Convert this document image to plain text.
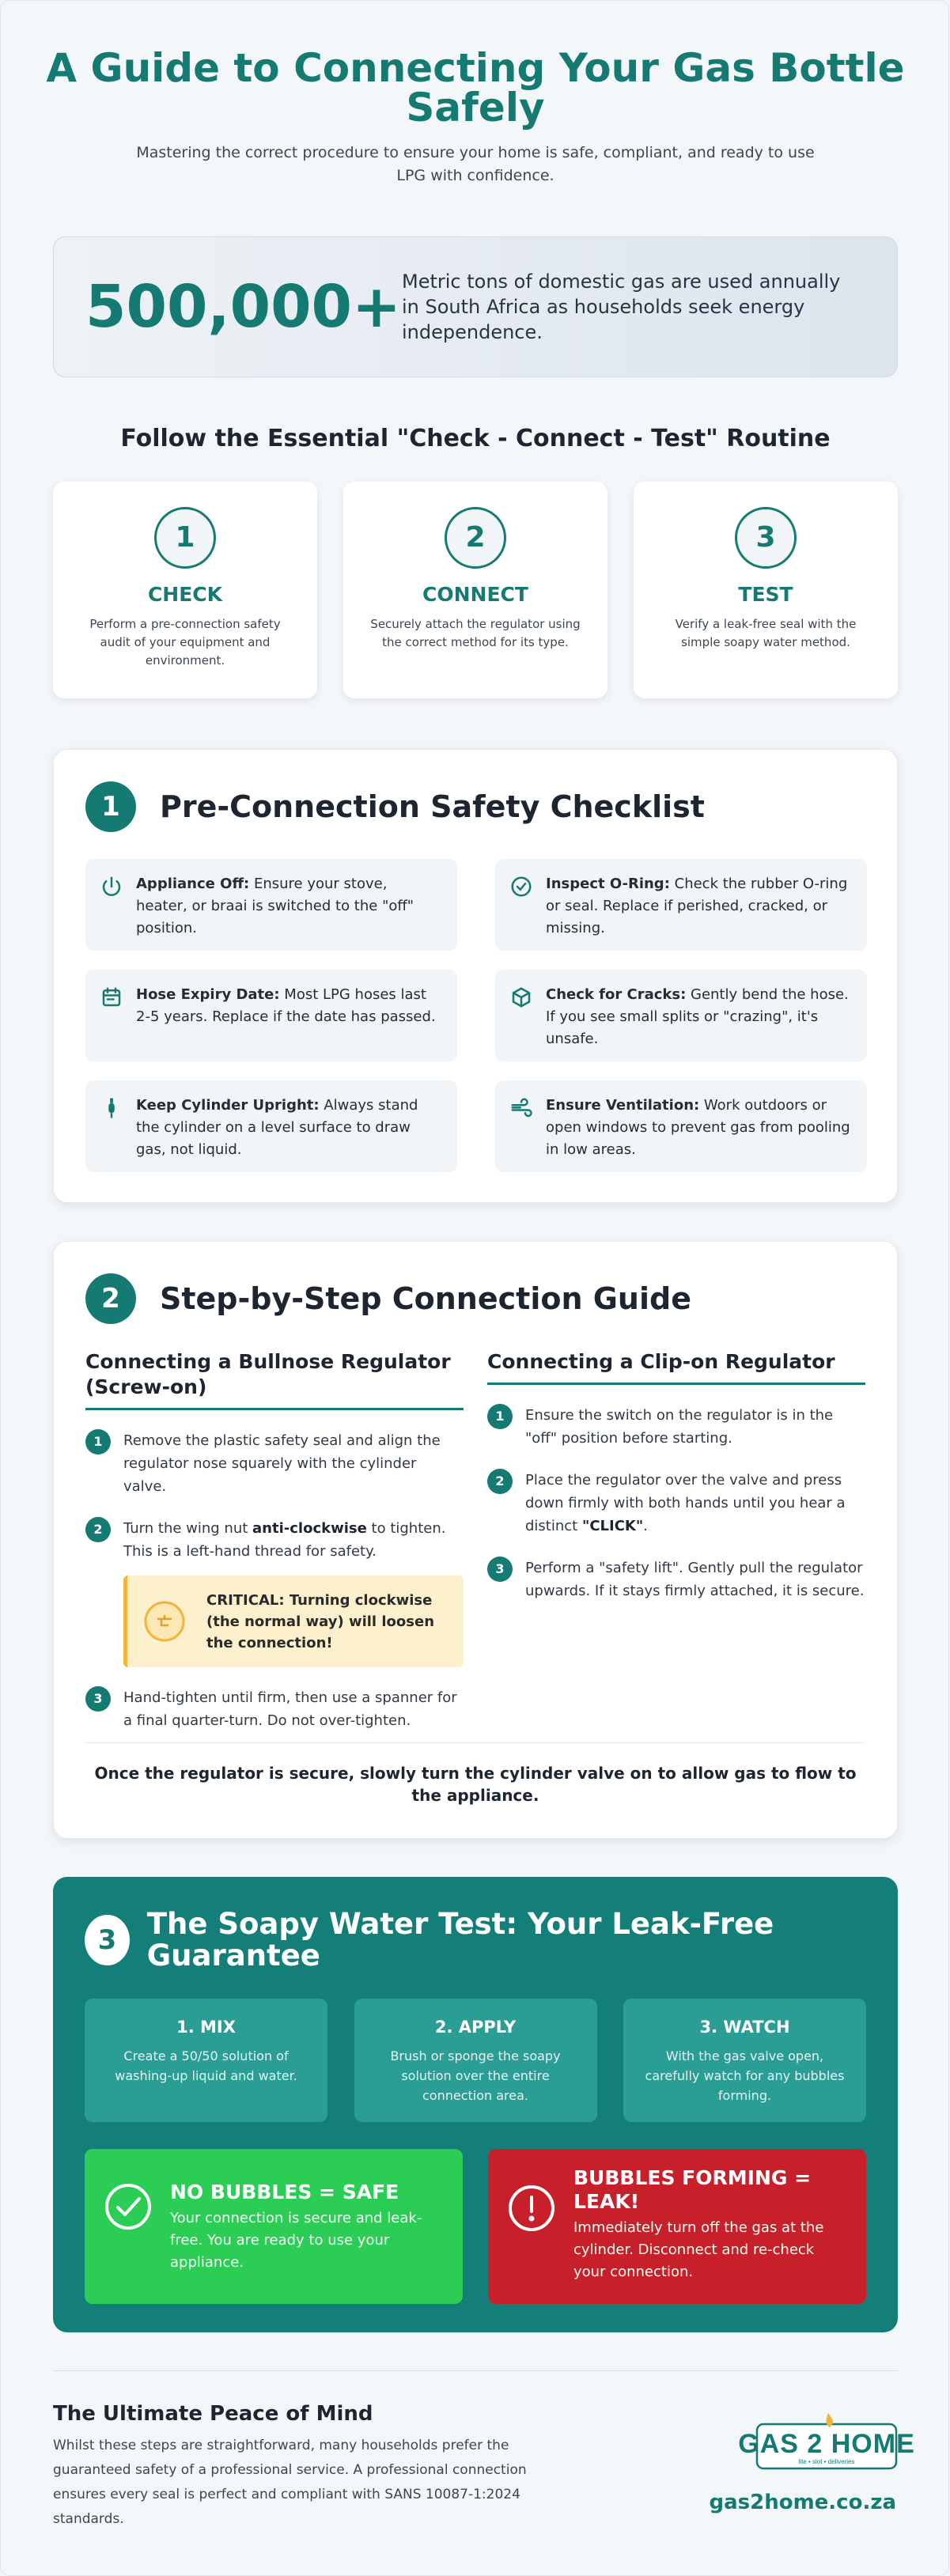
A Guide to Connecting Your Gas Bottle Safely

Mastering the correct procedure to ensure your home is safe, compliant, and ready to use LPG with confidence.

500,000+ Metric tons of domestic gas are used annually in South Africa as households seek energy independence.
Follow the Essential "Check - Connect - Test" Routine
1
CHECK
Perform a pre-connection safety audit of your equipment and environment.
2
CONNECT
Securely attach the regulator using the correct method for its type.
3
TEST
Verify a leak-free seal with the simple soapy water method.
1	Pre-Connection Safety Checklist
Appliance Off: Ensure your stove, heater, or braai is switched to the "off" position.
Inspect O-Ring: Check the rubber O-ring or seal. Replace if perished, cracked, or missing.
Hose Expiry Date: Most LPG hoses last 2-5 years. Replace if the date has passed.
Check for Cracks: Gently bend the hose. If you see small splits or "crazing", it's unsafe.
Keep Cylinder Upright: Always stand the cylinder on a level surface to draw gas, not liquid.
Ensure Ventilation: Work outdoors or open windows to prevent gas from pooling in low areas.
2	Step-by-Step Connection Guide
Connecting a Bullnose Regulator (Screw-on)
1	Remove the plastic safety seal and align the regulator nose squarely with the cylinder valve.
2	Turn the wing nut anti-clockwise to tighten. This is a left-hand thread for safety.
CRITICAL: Turning clockwise (the normal way) will loosen the connection!
3	Hand-tighten until firm, then use a spanner for a final quarter-turn. Do not over-tighten.
Connecting a Clip-on Regulator
1	Ensure the switch on the regulator is in the "off" position before starting.
2	Place the regulator over the valve and press down firmly with both hands until you hear a distinct "CLICK".
3	Perform a "safety lift". Gently pull the regulator upwards. If it stays firmly attached, it is secure.
Once the regulator is secure, slowly turn the cylinder valve on to allow gas to flow to the appliance.
3	The Soapy Water Test: Your Leak-Free Guarantee
1. MIX
Create a 50/50 solution of washing-up liquid and water.
2. APPLY
Brush or sponge the soapy solution over the entire connection area.
3. WATCH
With the gas valve open, carefully watch for any bubbles forming.
NO BUBBLES = SAFE
Your connection is secure and leak-free. You are ready to use your appliance.
BUBBLES FORMING = LEAK!
Immediately turn off the gas at the cylinder. Disconnect and re-check your connection.
The Ultimate Peace of Mind
Whilst these steps are straightforward, many households prefer the guaranteed safety of a professional service. A professional connection ensures every seal is perfect and compliant with SANS 10087-1:2024 standards.
GAS 2 HOME
lite • slot • deliveries
gas2home.co.za
